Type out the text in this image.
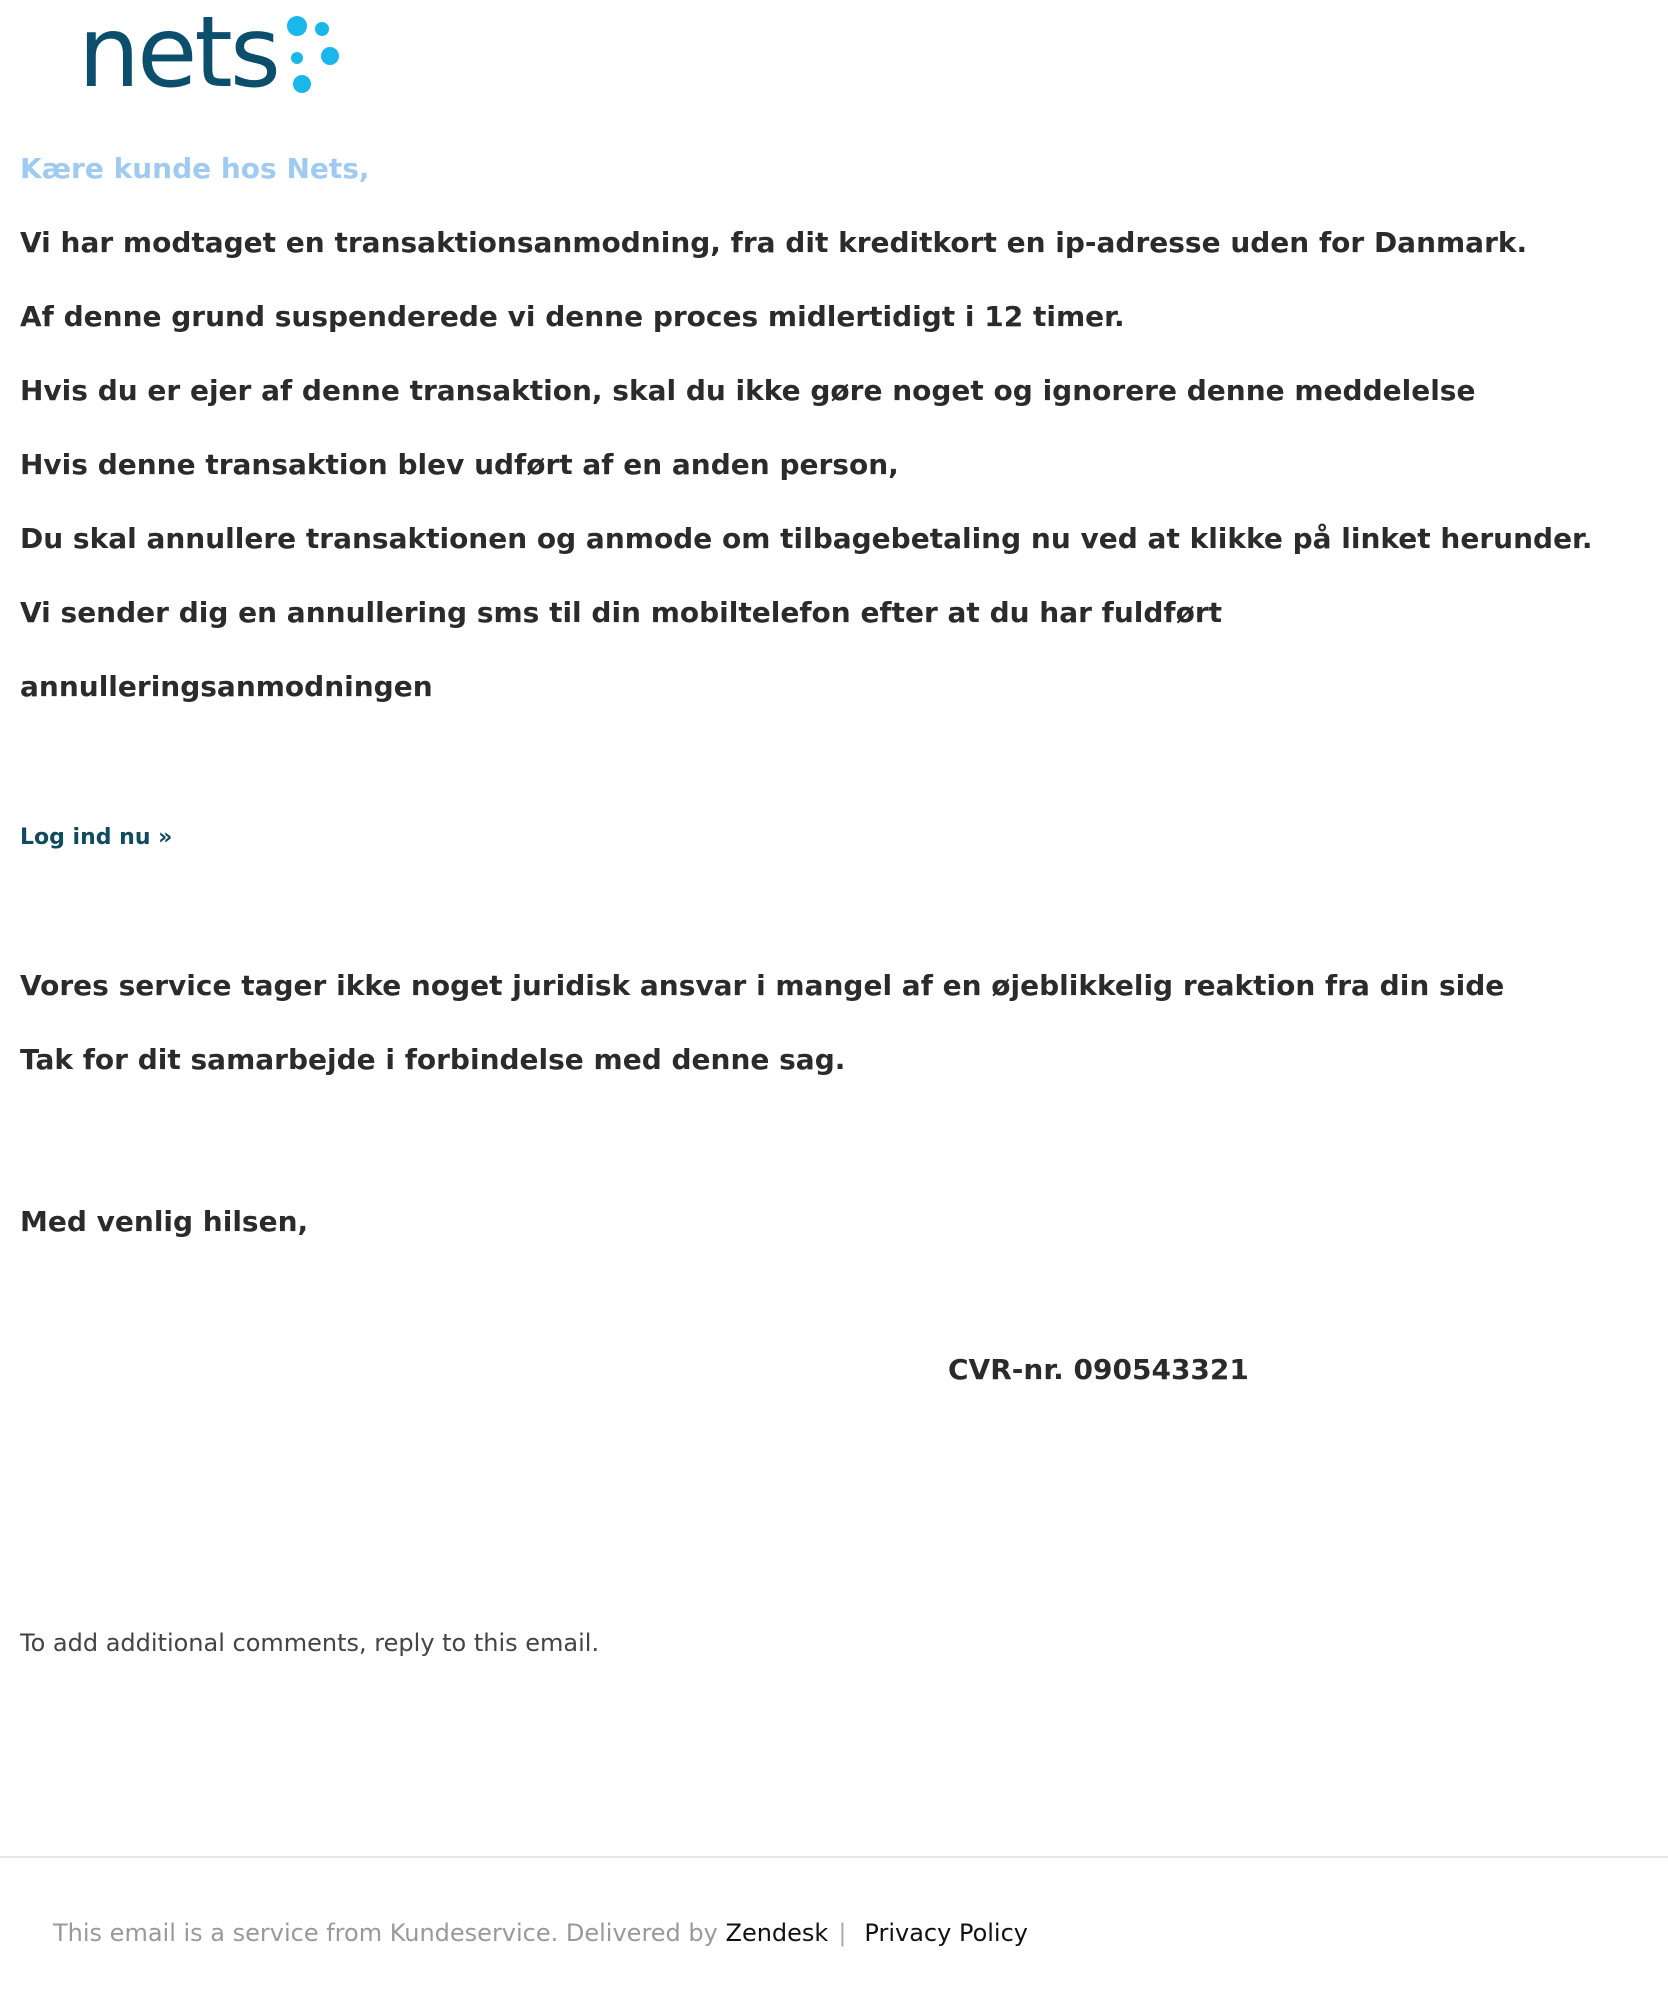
nets
Kære kunde hos Nets,
Vi har modtaget en transaktionsanmodning, fra dit kreditkort en ip-adresse uden for Danmark.
Af denne grund suspenderede vi denne proces midlertidigt i 12 timer.
Hvis du er ejer af denne transaktion, skal du ikke gøre noget og ignorere denne meddelelse
Hvis denne transaktion blev udført af en anden person,
Du skal annullere transaktionen og anmode om tilbagebetaling nu ved at klikke på linket herunder.
Vi sender dig en annullering sms til din mobiltelefon efter at du har fuldført
annulleringsanmodningen
Log ind nu »
Vores service tager ikke noget juridisk ansvar i mangel af en øjeblikkelig reaktion fra din side
Tak for dit samarbejde i forbindelse med denne sag.
Med venlig hilsen,
CVR-nr. 090543321
To add additional comments, reply to this email.
This email is a service from Kundeservice. Delivered by Zendesk | Privacy Policy
